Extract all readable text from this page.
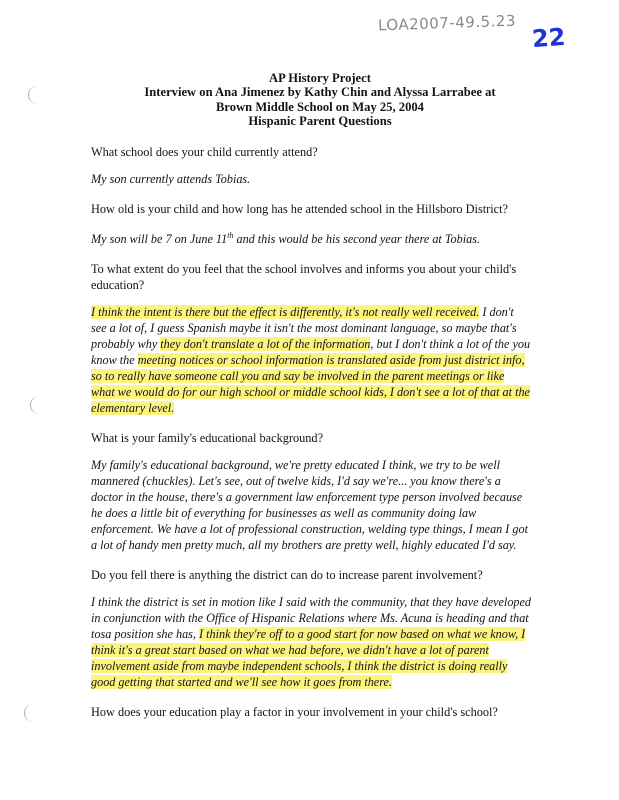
LOA2007-49.5.23 22
AP History Project
Interview on Ana Jimenez by Kathy Chin and Alyssa Larrabee at
Brown Middle School on May 25, 2004
Hispanic Parent Questions

What school does your child currently attend?

My son currently attends Tobias.

How old is your child and how long has he attended school in the Hillsboro District?

My son will be 7 on June 11th and this would be his second year there at Tobias.

To what extent do you feel that the school involves and informs you about your child's education?

I think the intent is there but the effect is differently, it's not really well received. I don't see a lot of, I guess Spanish maybe it isn't the most dominant language, so maybe that's probably why they don't translate a lot of the information, but I don't think a lot of the you know the meeting notices or school information is translated aside from just district info, so to really have someone call you and say be involved in the parent meetings or like what we would do for our high school or middle school kids, I don't see a lot of that at the elementary level.

What is your family's educational background?

My family's educational background, we're pretty educated I think, we try to be well mannered (chuckles). Let's see, out of twelve kids, I'd say we're... you know there's a doctor in the house, there's a government law enforcement type person involved because he does a little bit of everything for businesses as well as community doing law enforcement. We have a lot of professional construction, welding type things, I mean I got a lot of handy men pretty much, all my brothers are pretty well, highly educated I'd say.

Do you fell there is anything the district can do to increase parent involvement?

I think the district is set in motion like I said with the community, that they have developed in conjunction with the Office of Hispanic Relations where Ms. Acuna is heading and that tosa position she has, I think they're off to a good start for now based on what we know, I think it's a great start based on what we had before, we didn't have a lot of parent involvement aside from maybe independent schools, I think the district is doing really good getting that started and we'll see how it goes from there.

How does your education play a factor in your involvement in your child's school?
